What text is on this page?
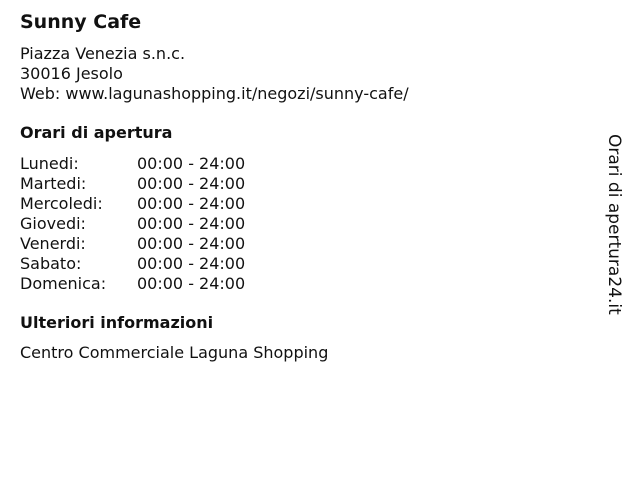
Sunny Cafe
Piazza Venezia s.n.c.
30016 Jesolo
Web: www.lagunashopping.it/negozi/sunny-cafe/
Orari di apertura
Lunedi:	00:00 - 24:00
Martedi:	00:00 - 24:00
Mercoledi:	00:00 - 24:00
Giovedi:	00:00 - 24:00
Venerdi:	00:00 - 24:00
Sabato:	00:00 - 24:00
Domenica:	00:00 - 24:00
Ulteriori informazioni
Centro Commerciale Laguna Shopping
Orari di apertura24.it
